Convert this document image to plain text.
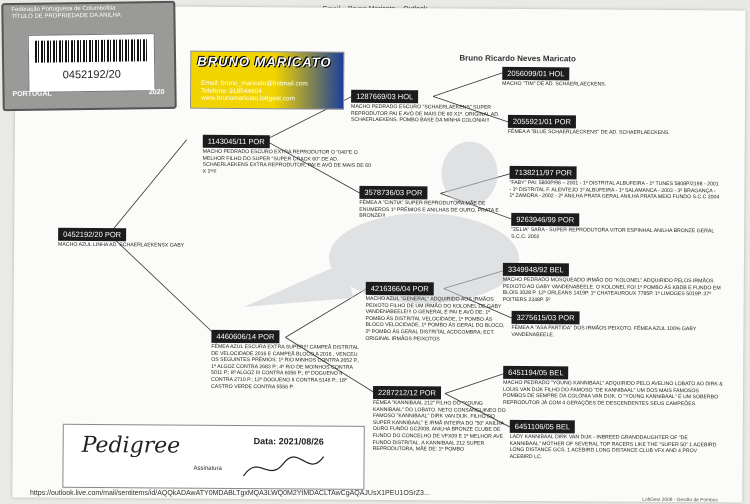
BRUNO MARICATO
Email: bruno_maricato@hotmail.com
Telefone: 918544604
www.brunomaricato.loftgest.com
Bruno Ricardo Neves Maricato
0452192/20 POR
MACHO AZUL LINHA AD. SCHAERLAEKENSX GABY
1143045/11 POR
MACHO PEDRADO ESCURO EXTRA REPRODUTOR O "040"E O MELHOR FILHO DO SUPER "SUPER CRACK 60" DE AD. SCHAERLAEKENS EXTRA REPRODUTOR, PAI E AVÔ DE MAIS DE 60 X 1º!!!
4460606/14 POR
FÊMEA AZUL ESCURA EXTRA SUPER!!! CAMPEÃ DISTRITAL DE VELOCIDADE 2016 E CAMPEÃ BLOCO A 2016 , VENCEU OS SEGUINTES PRÉMIOS: 1º RIO MINHOS CONTRA 2652 P., 1º ALGOZ CONTRA 2683 P.; 4º RIO DE MOINHOS CONTRA 5011 P.; 8º ALGOZ III CONTRA 6056 P.; 6º DOGUENO II CONTRA 2710 P.; 12º DOGUENO II CONTRA 5146 P.; 18º CASTRO VERDE CONTRA 5556 P.
1287669/03 HOL
MACHO PEDRADO ESCURO "SCHAERLAEKENS" SUPER REPRODUTOR PAI E AVÔ DE MAIS DE 60 X1º. ORIGINAL AD. SCHAERLAEKENS. POMBO BASE DA MINHA COLÓNIA!!!
3578736/03 POR
FÊMEA A "CINTIA" SUPER REPRODUTORA MÃE DE ENUMEROS 1º PRÉMIOS E ANILHAS DE OURO, PRATA E BRONZE!!!
4216366/04 POR
MACHO AZUL "GENERAL" ADQUIRIDO AOS IRMÃOS PEIXOTO FILHO DE UM IRMÃO DO KOLONEL DE GABY VANDENABEELE!!! O GENERAL É PAI E AVÔ DE: 1º POMBO ÁS DISTRITAL VELOCIDADE, 1º POMBO ÁS BLOCO VELOCIDADE, 1º POMBO ÁS GERAL DO BLOCO, 2º POMBO ÁS GERAL DISTRITAL ACDCOMBRA; ECT. ORIGINAL IRMÃOS PEIXOTOS
2287212/12 POR
FÊMEA "KANNIBAAL 212" FILHO DO "YOUNG KANNIBAAL" DO LOBATO. NETO CONSANGUINEO DO FAMOSO "KANNIBAAL" DIRK VAN DIJK. FILHO DO SUPER KANNIBAAL" E IRMÃ INTEIRA DO "50" ANILHA OURO FUNDO GC2008, ANILHA BRONZE CLUBE DE FUNDO DO CONCELHO DE VFX09 E 1º MELHOR AVE FUNDO DISTRITAL. A KANNIBAAL 212 SUPER REPRODUTORA, MÃE DE: 1º POMBO
2056099/01 HOL
MACHO "TIM" DE AD. SCHAERLAECKENS.
2055921/01 POR
FÊMEA A "BLUE SCHAERLAECKENS" DE AD. SCHAERLAECKENS.
7138211/97 POR
"FABY" PAI: 5800P/96 – 2001 - 1º DISTRITAL ALBUFEIRA - 1º TUNES 5808P/2198 - 2001 - 1º DISTRITAL F. ALENTEJO 1º ALBUFEIRA - 1º SALAMANCA - 2003 - 3º BRAGANÇA - 1º ZAMORA - 2002 - 2º ANILHA PRATA GERAL ANILHA PRATA MEIO FUNDO S.C.C 2004
9263946/99 POR
"ZELIA" SARA - SUPER REPRODUTORA VITOR ESPINHAL ANILHA BRONZE GERAL S.C.C. 2002
3349948/92 BEL
MACHO PEDRADO MOSQUEADO IRMÃO DO "KOLONEL" ADQUIRIDO PELOS IRMÃOS PEIXOTO AO GABY VANDENABEELE. O KOLONEL FOI 1º POMBO ÁS KBDB E FUNDO EM BLOIS 3028 P. 12º ORLEANS 1419P. 1º CHATEAUROUX 7785P. 1º LIMOGES 5019P. 37º POITIERS 2348P. 5º
3275615/03 POR
FÊMEA A "ASA PARTIDA" DOS IRMÃOS PEIXOTO. FÊMEA AZUL 100% GABY VANDENABEELE.
6451194/05 BEL
MACHO PEDRADO "YOUNG KANNIBAAL" ADQUIRIDO PELO AVELINO LOBATO AO DIRK & LOUIS VAN DIJK FILHO DO FAMOSO "DE KANNIBAAL" UM DOS MAIS FAMOSOS POMBOS DE SEMPRE DA COLÓNIA VAN DIJK. O "YOUNG KANNIBAAL" É UM SOBERBO REPRODUTOR JÁ COM 4 GERAÇÕES DE DESCENDENTES SEUS CAMPEÕES.
6451106/05 BEL
LADY KANNIBAAL DIRK VAN DIJK - INBREED GRANDDAUGHTER OF "DE KANNIBAAL" MOTHER OF SEVERAL TOP RACERS LIKE THE "SUPER 50" 1 ACEBIRD LONG DISTANCE GCS, 1 ACEBIRD LONG DISTANCE CLUB VFX AND 4 PROV ACEBIRD LC.
Pedigree	Data: 2021/08/26
Assinatura
LoftGest 2008 - Gestão de Pombos
Federação Portuguesa de Columbofilia
TÍTULO DE PROPRIEDADE DA ANILHA
0452192/20
PORTUGAL	2020
https://outlook.live.com/mail/sentitems/id/AQQkADAwATY0MDABLTgxMQA3LWQ0M2YtMDACLTAwCgAQAJUsX1PEU1OSrZ3...
